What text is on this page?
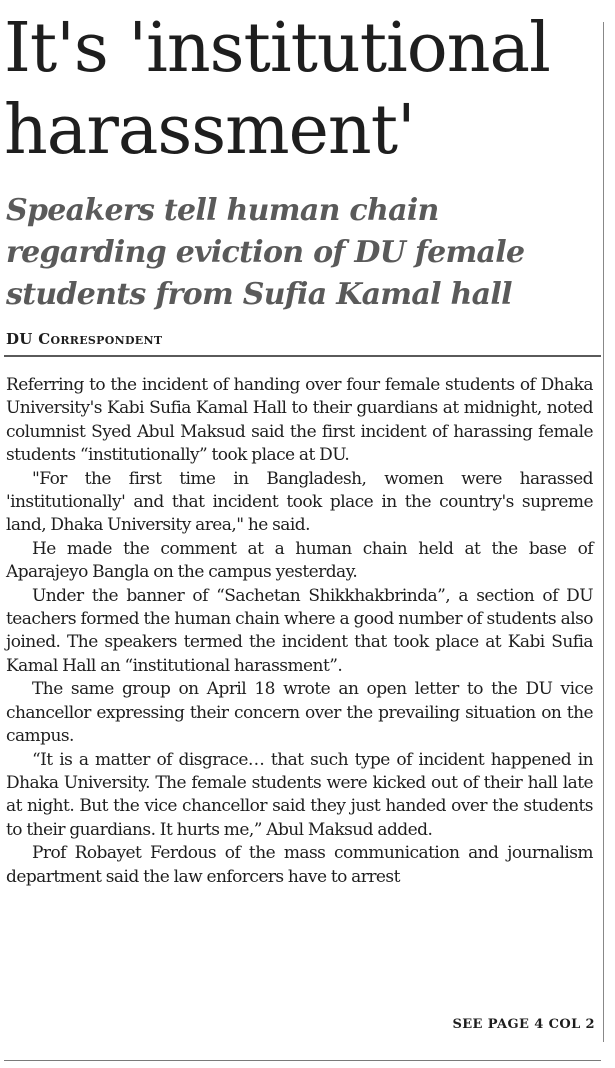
It's 'institutional harassment'
Speakers tell human chain regarding eviction of DU female students from Sufia Kamal hall
DU Correspondent

Referring to the incident of handing over four female students of Dhaka University's Kabi Sufia Kamal Hall to their guardians at midnight, noted columnist Syed Abul Maksud said the first incident of harassing female students “institutionally” took place at DU.

"For the first time in Bangladesh, women were harassed 'institutionally' and that incident took place in the country's supreme land, Dhaka University area," he said.

He made the comment at a human chain held at the base of Aparajeyo Bangla on the campus yesterday.

Under the banner of “Sachetan Shikkhakbrinda”, a section of DU teachers formed the human chain where a good number of students also joined. The speakers termed the incident that took place at Kabi Sufia Kamal Hall an “institutional harassment”.

The same group on April 18 wrote an open letter to the DU vice chancellor expressing their concern over the prevailing situation on the campus.

“It is a matter of disgrace… that such type of incident happened in Dhaka University. The female students were kicked out of their hall late at night. But the vice chancellor said they just handed over the students to their guardians. It hurts me,” Abul Maksud added.

Prof Robayet Ferdous of the mass communication and journalism department said the law enforcers have to arrest

SEE PAGE 4 COL 2
